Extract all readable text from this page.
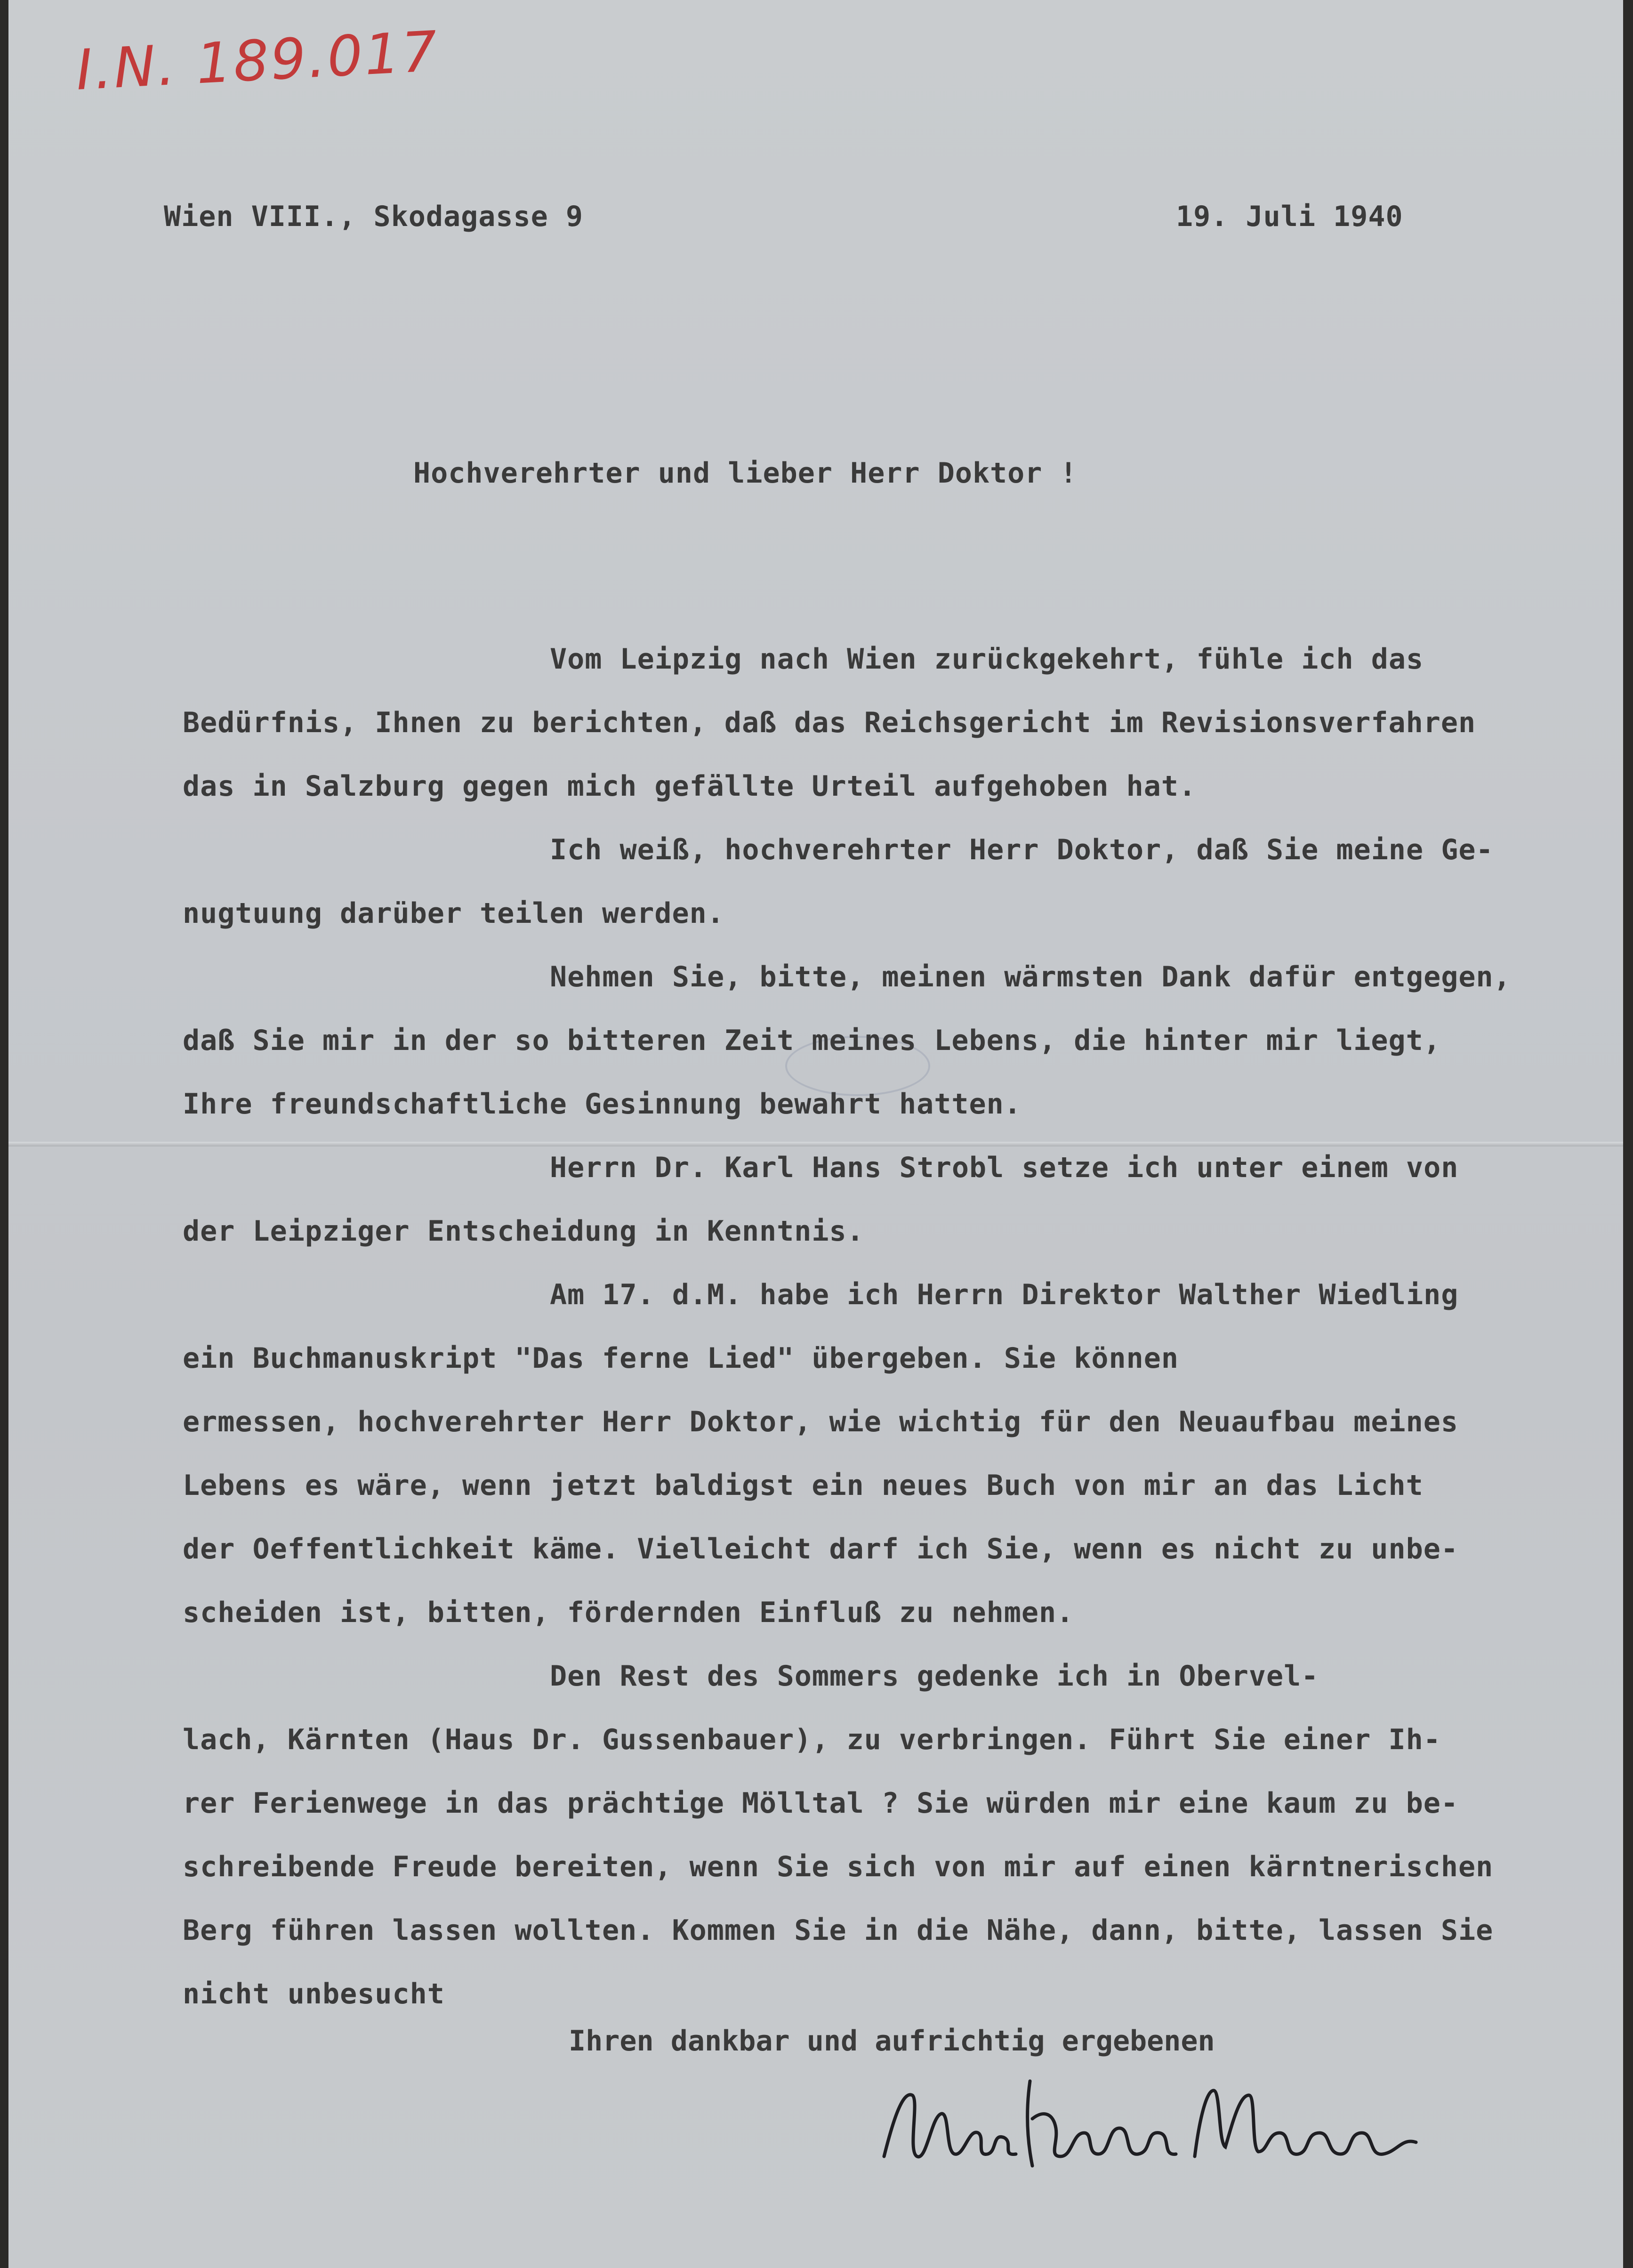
I.N. 189.017
Wien VIII., Skodagasse 9	19. Juli 1940
Hochverehrter und lieber Herr Doktor !
Vom Leipzig nach Wien zurückgekehrt, fühle ich das
Bedürfnis, Ihnen zu berichten, daß das Reichsgericht im Revisionsverfahren
das in Salzburg gegen mich gefällte Urteil aufgehoben hat.
Ich weiß, hochverehrter Herr Doktor, daß Sie meine Ge-
nugtuung darüber teilen werden.
Nehmen Sie, bitte, meinen wärmsten Dank dafür entgegen,
daß Sie mir in der so bitteren Zeit meines Lebens, die hinter mir liegt,
Ihre freundschaftliche Gesinnung bewahrt hatten.
Herrn Dr. Karl Hans Strobl setze ich unter einem von
der Leipziger Entscheidung in Kenntnis.
Am 17. d.M. habe ich Herrn Direktor Walther Wiedling
ein Buchmanuskript "Das ferne Lied" übergeben. Sie können
ermessen, hochverehrter Herr Doktor, wie wichtig für den Neuaufbau meines
Lebens es wäre, wenn jetzt baldigst ein neues Buch von mir an das Licht
der Oeffentlichkeit käme. Vielleicht darf ich Sie, wenn es nicht zu unbe-
scheiden ist, bitten, fördernden Einfluß zu nehmen.
Den Rest des Sommers gedenke ich in Obervel-
lach, Kärnten (Haus Dr. Gussenbauer), zu verbringen. Führt Sie einer Ih-
rer Ferienwege in das prächtige Mölltal ? Sie würden mir eine kaum zu be-
schreibende Freude bereiten, wenn Sie sich von mir auf einen kärntnerischen
Berg führen lassen wollten. Kommen Sie in die Nähe, dann, bitte, lassen Sie
nicht unbesucht
Ihren dankbar und aufrichtig ergebenen
